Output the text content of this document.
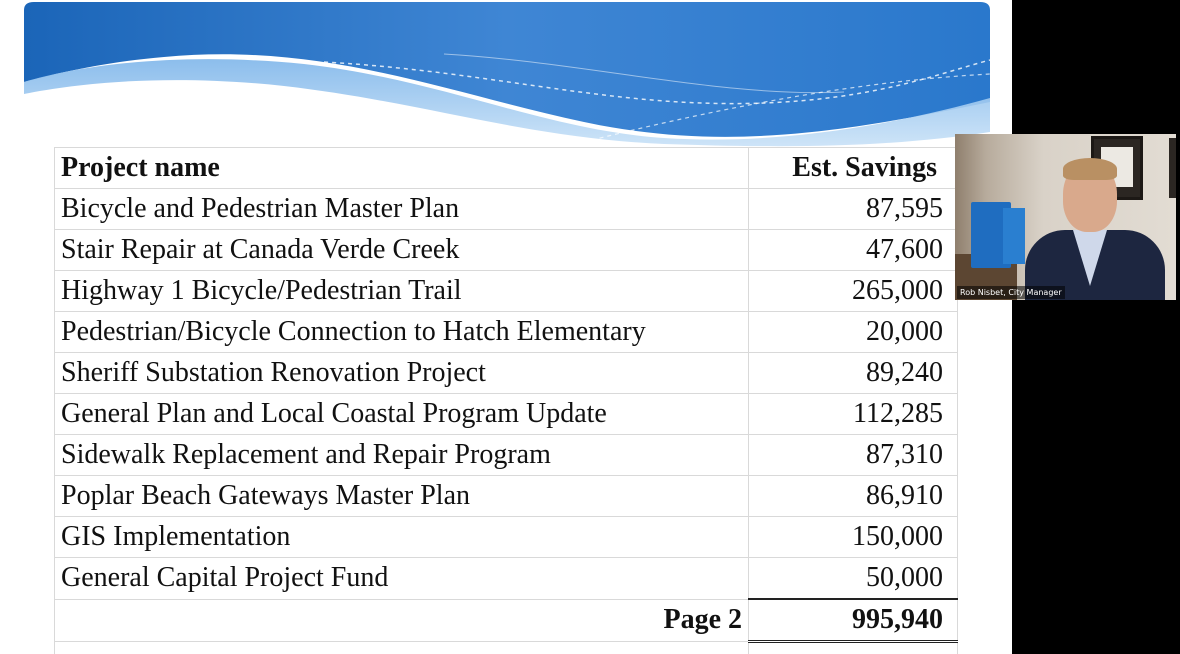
Project name	Est. Savings
Bicycle and Pedestrian Master Plan	87,595
Stair Repair at Canada Verde Creek	47,600
Highway 1 Bicycle/Pedestrian Trail	265,000
Pedestrian/Bicycle Connection to Hatch Elementary	20,000
Sheriff Substation Renovation Project	89,240
General Plan and Local Coastal Program Update	112,285
Sidewalk Replacement and Repair Program	87,310
Poplar Beach Gateways Master Plan	86,910
GIS Implementation	150,000
General Capital Project Fund	50,000
Page 2	995,940

Rob Nisbet, City Manager
